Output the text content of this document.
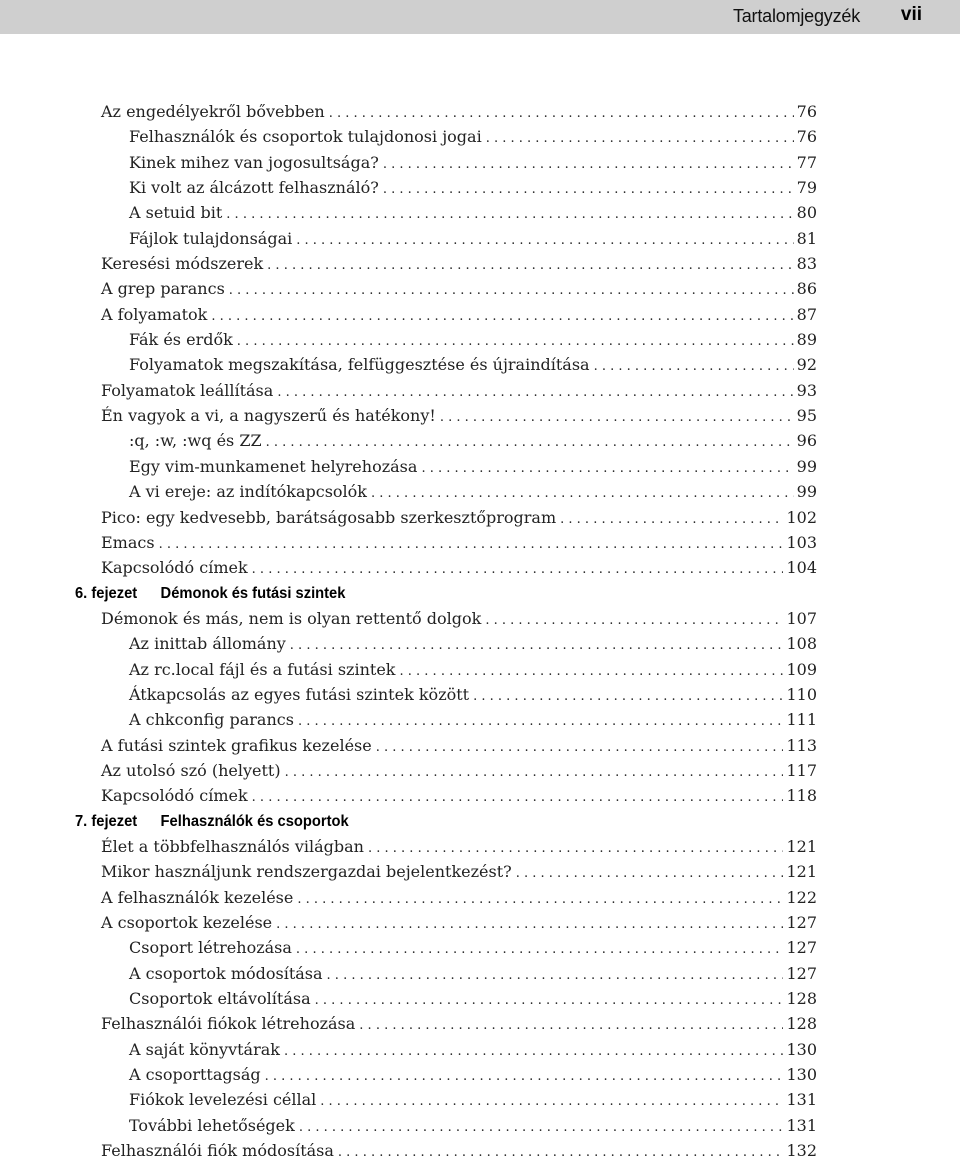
Tartalomjegyzék vii
Az engedélyekről bővebben . . .	76
Felhasználók és csoportok tulajdonosi jogai . . .	76
Kinek mihez van jogosultsága? . . .	77
Ki volt az álcázott felhasználó? . . .	79
A setuid bit . . .	80
Fájlok tulajdonságai . . .	81
Keresési módszerek . . .	83
A grep parancs . . .	86
A folyamatok . . .	87
Fák és erdők . . .	89
Folyamatok megszakítása, felfüggesztése és újraindítása . . .	92
Folyamatok leállítása . . .	93
Én vagyok a vi, a nagyszerű és hatékony! . . .	95
:q, :w, :wq és ZZ . . .	96
Egy vim-munkamenet helyrehozása . . .	99
A vi ereje: az indítókapcsolók . . .	99
Pico: egy kedvesebb, barátságosabb szerkesztőprogram . . .	102
Emacs . . .	103
Kapcsolódó címek . . .	104
6. fejezet	Démonok és futási szintek
Démonok és más, nem is olyan rettentő dolgok . . .	107
Az inittab állomány . . .	108
Az rc.local fájl és a futási szintek . . .	109
Átkapcsolás az egyes futási szintek között . . .	110
A chkconfig parancs . . .	111
A futási szintek grafikus kezelése . . .	113
Az utolsó szó (helyett) . . .	117
Kapcsolódó címek . . .	118
7. fejezet	Felhasználók és csoportok
Élet a többfelhasználós világban . . .	121
Mikor használjunk rendszergazdai bejelentkezést? . . .	121
A felhasználók kezelése . . .	122
A csoportok kezelése . . .	127
Csoport létrehozása . . .	127
A csoportok módosítása . . .	127
Csoportok eltávolítása . . .	128
Felhasználói fiókok létrehozása . . .	128
A saját könyvtárak . . .	130
A csoporttagság . . .	130
Fiókok levelezési céllal . . .	131
További lehetőségek . . .	131
Felhasználói fiók módosítása . . .	132
